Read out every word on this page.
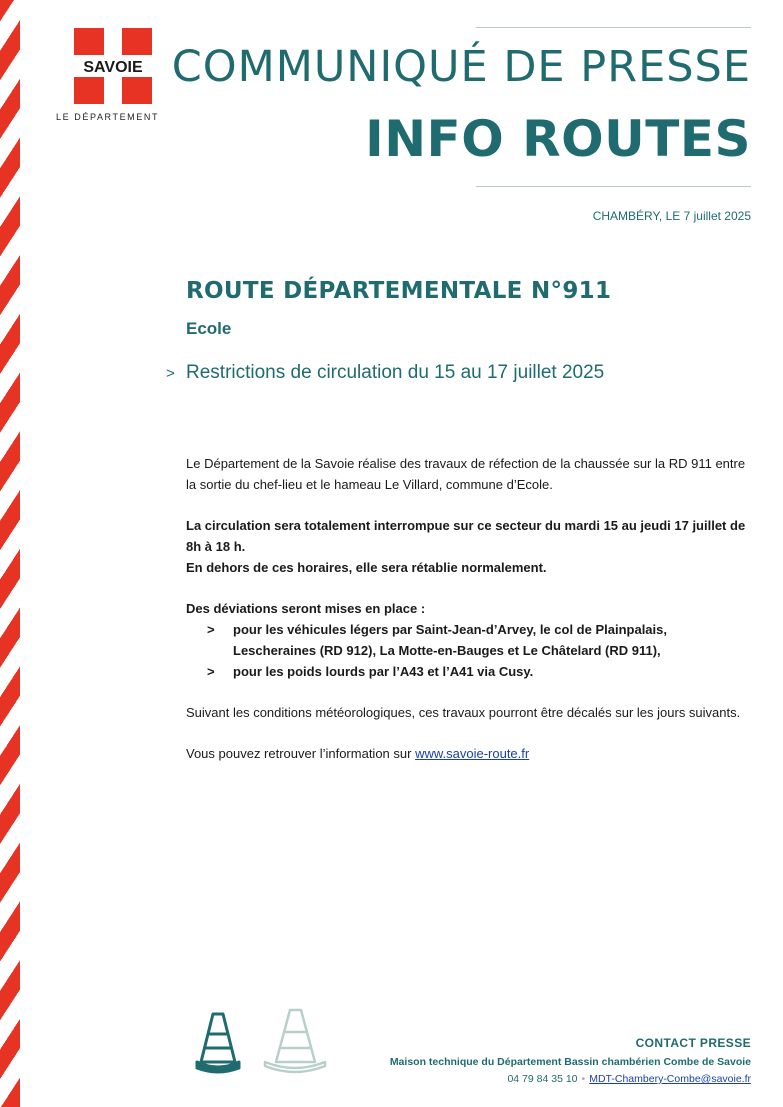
SAVOIE
LE DÉPARTEMENT
COMMUNIQUÉ DE PRESSE
INFO ROUTES
CHAMBÉRY, LE 7 juillet 2025
ROUTE DÉPARTEMENTALE N°911
Ecole
> Restrictions de circulation du 15 au 17 juillet 2025
Le Département de la Savoie réalise des travaux de réfection de la chaussée sur la RD 911 entre la sortie du chef-lieu et le hameau Le Villard, commune d’Ecole.
La circulation sera totalement interrompue sur ce secteur du mardi 15 au jeudi 17 juillet de 8h à 18 h.
En dehors de ces horaires, elle sera rétablie normalement.
Des déviations seront mises en place :
> pour les véhicules légers par Saint-Jean-d’Arvey, le col de Plainpalais, Lescheraines (RD 912), La Motte-en-Bauges et Le Châtelard (RD 911),
> pour les poids lourds par l’A43 et l’A41 via Cusy.
Suivant les conditions météorologiques, ces travaux pourront être décalés sur les jours suivants.
Vous pouvez retrouver l’information sur www.savoie-route.fr
CONTACT PRESSE
Maison technique du Département Bassin chambérien Combe de Savoie
04 79 84 35 10 • MDT-Chambery-Combe@savoie.fr
